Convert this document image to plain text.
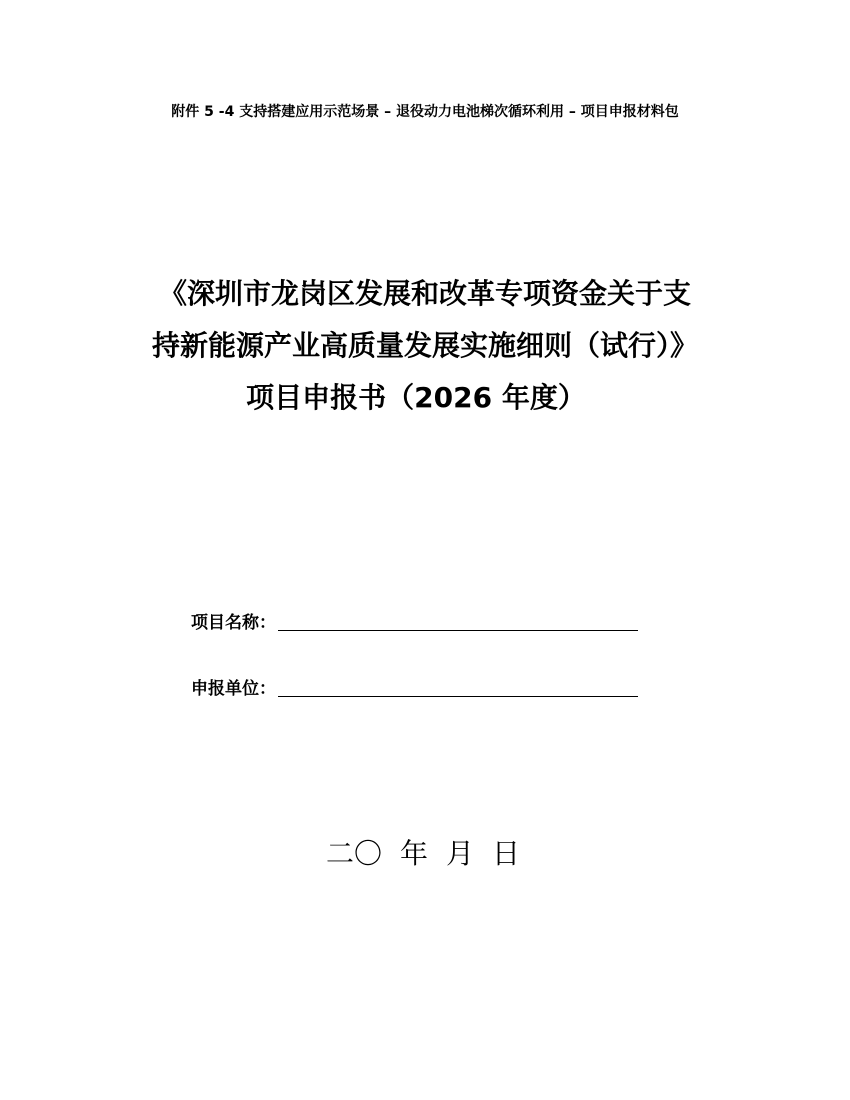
附件 5 -4 支持搭建应用示范场景 – 退役动力电池梯次循环利用 – 项目申报材料包
《深圳市龙岗区发展和改革专项资金关于支
持新能源产业高质量发展实施细则（试行）》
项目申报书（2026 年度）
项目名称：
申报单位：
二〇 年 月 日
